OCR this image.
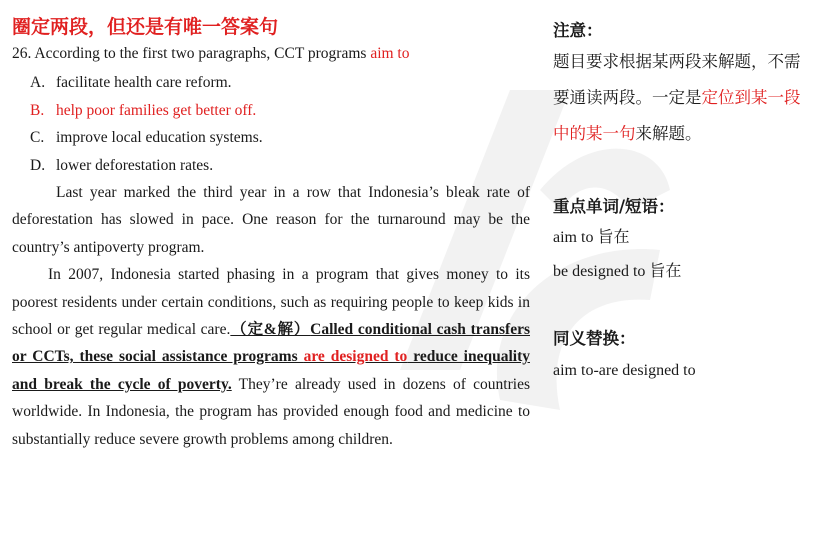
圈定两段，但还是有唯一答案句
26. According to the first two paragraphs, CCT programs aim to
A. facilitate health care reform.
B. help poor families get better off.
C. improve local education systems.
D. lower deforestation rates.

Last year marked the third year in a row that Indonesia’s bleak rate of deforestation has slowed in pace. One reason for the turnaround may be the country’s antipoverty program.

In 2007, Indonesia started phasing in a program that gives money to its poorest residents under certain conditions, such as requiring people to keep kids in school or get regular medical care.（定&解）Called conditional cash transfers or CCTs, these social assistance programs are designed to reduce inequality and break the cycle of poverty. They’re already used in dozens of countries worldwide. In Indonesia, the program has provided enough food and medicine to substantially reduce severe growth problems among children.

注意：

题目要求根据某两段来解题，不需要通读两段。一定是定位到某一段中的某一句来解题。

重点单词/短语：

aim to 旨在

be designed to 旨在

同义替换：

aim to-are designed to
